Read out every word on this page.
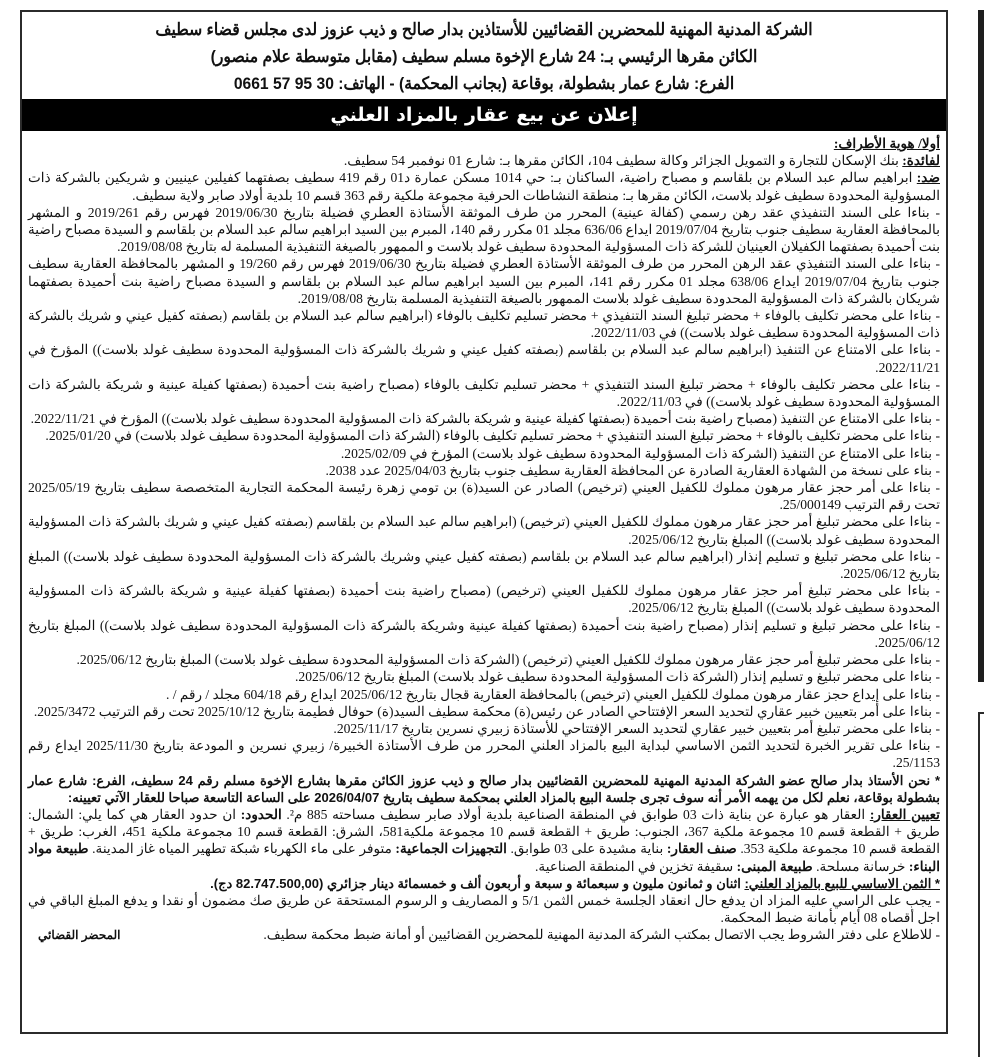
الشركة المدنية المهنية للمحضرين القضائيين للأستاذين بدار صالح و ذيب عزوز لدى مجلس قضاء سطيف
الكائن مقرها الرئيسي بـ: 24 شارع الإخوة مسلم سطيف (مقابل متوسطة علام منصور)
الفرع: شارع عمار بشطولة، بوقاعة (بجانب المحكمة) - الهاتف: 30 95 57 0661
إعلان عن بيع عقار بالمزاد العلني

أولا/ هوية الأطراف:

لفائدة: بنك الإسكان للتجارة و التمويل الجزائر وكالة سطيف 104، الكائن مقرها بـ: شارع 01 نوفمبر 54 سطيف.

ضد: ابراهيم سالم عبد السلام بن بلقاسم و مصباح راضية، الساكنان بـ: حي 1014 مسكن عمارة د01 رقم 419 سطيف بصفتهما كفيلين عينيين و شريكين بالشركة ذات المسؤولية المحدودة سطيف غولد بلاست، الكائن مقرها بـ: منطقة النشاطات الحرفية مجموعة ملكية رقم 363 قسم 10 بلدية أولاد صابر ولاية سطيف.

- بناءا على السند التنفيذي عقد رهن رسمي (كفالة عينية) المحرر من طرف الموثقة الأستاذة العطري فضيلة بتاريخ 2019/06/30 فهرس رقم 2019/261 و المشهر بالمحافظة العقارية سطيف جنوب بتاريخ 2019/07/04 ايداع 636/06 مجلد 01 مكرر رقم 140، المبرم بين السيد ابراهيم سالم عبد السلام بن بلقاسم و السيدة مصباح راضية بنت أحميدة بصفتهما الكفيلان العينيان للشركة ذات المسؤولية المحدودة سطيف غولد بلاست و الممهور بالصيغة التنفيذية المسلمة له بتاريخ 2019/08/08.

- بناءا على السند التنفيذي عقد الرهن المحرر من طرف الموثقة الأستاذة العطري فضيلة بتاريخ 2019/06/30 فهرس رقم 19/260 و المشهر بالمحافظة العقارية سطيف جنوب بتاريخ 2019/07/04 ايداع 638/06 مجلد 01 مكرر رقم 141، المبرم بين السيد ابراهيم سالم عبد السلام بن بلقاسم و السيدة مصباح راضية بنت أحميدة بصفتهما شريكان بالشركة ذات المسؤولية المحدودة سطيف غولد بلاست الممهور بالصيغة التنفيذية المسلمة بتاريخ 2019/08/08.

- بناءا على محضر تكليف بالوفاء + محضر تبليغ السند التنفيذي + محضر تسليم تكليف بالوفاء (ابراهيم سالم عبد السلام بن بلقاسم (بصفته كفيل عيني و شريك بالشركة ذات المسؤولية المحدودة سطيف غولد بلاست)) في 2022/11/03.

- بناءا على الامتناع عن التنفيذ (ابراهيم سالم عبد السلام بن بلقاسم (بصفته كفيل عيني و شريك بالشركة ذات المسؤولية المحدودة سطيف غولد بلاست)) المؤرخ في 2022/11/21.

- بناءا على محضر تكليف بالوفاء + محضر تبليغ السند التنفيذي + محضر تسليم تكليف بالوفاء (مصباح راضية بنت أحميدة (بصفتها كفيلة عينية و شريكة بالشركة ذات المسؤولية المحدودة سطيف غولد بلاست)) في 2022/11/03.

- بناءا على الامتناع عن التنفيذ (مصباح راضية بنت أحميدة (بصفتها كفيلة عينية و شريكة بالشركة ذات المسؤولية المحدودة سطيف غولد بلاست)) المؤرخ في 2022/11/21.

- بناءا على محضر تكليف بالوفاء + محضر تبليغ السند التنفيذي + محضر تسليم تكليف بالوفاء (الشركة ذات المسؤولية المحدودة سطيف غولد بلاست) في 2025/01/20.

- بناءا على الامتناع عن التنفيذ (الشركة ذات المسؤولية المحدودة سطيف غولد بلاست) المؤرخ في 2025/02/09.

- بناء على نسخة من الشهادة العقارية الصادرة عن المحافظة العقارية سطيف جنوب بتاريخ 2025/04/03 عدد 2038.

- بناءا على أمر حجز عقار مرهون مملوك للكفيل العيني (ترخيص) الصادر عن السيد(ة) بن تومي زهرة رئيسة المحكمة التجارية المتخصصة سطيف بتاريخ 2025/05/19 تحت رقم الترتيب 25/000149.

- بناءا على محضر تبليغ أمر حجز عقار مرهون مملوك للكفيل العيني (ترخيص) (ابراهيم سالم عبد السلام بن بلقاسم (بصفته كفيل عيني و شريك بالشركة ذات المسؤولية المحدودة سطيف غولد بلاست)) المبلغ بتاريخ 2025/06/12.

- بناءا على محضر تبليغ و تسليم إنذار (ابراهيم سالم عبد السلام بن بلقاسم (بصفته كفيل عيني وشريك بالشركة ذات المسؤولية المحدودة سطيف غولد بلاست)) المبلغ بتاريخ 2025/06/12.

- بناءا على محضر تبليغ أمر حجز عقار مرهون مملوك للكفيل العيني (ترخيص) (مصباح راضية بنت أحميدة (بصفتها كفيلة عينية و شريكة بالشركة ذات المسؤولية المحدودة سطيف غولد بلاست)) المبلغ بتاريخ 2025/06/12.

- بناءا على محضر تبليغ و تسليم إنذار (مصباح راضية بنت أحميدة (بصفتها كفيلة عينية وشريكة بالشركة ذات المسؤولية المحدودة سطيف غولد بلاست)) المبلغ بتاريخ 2025/06/12.

- بناءا على محضر تبليغ أمر حجز عقار مرهون مملوك للكفيل العيني (ترخيص) (الشركة ذات المسؤولية المحدودة سطيف غولد بلاست) المبلغ بتاريخ 2025/06/12.

- بناءا على محضر تبليغ و تسليم إنذار (الشركة ذات المسؤولية المحدودة سطيف غولد بلاست) المبلغ بتاريخ 2025/06/12.

- بناءا على إيداع حجز عقار مرهون مملوك للكفيل العيني (ترخيص) بالمحافظة العقارية قجال بتاريخ 2025/06/12 ايداع رقم 604/18 مجلد / رقم / .

- بناءا على أمر بتعيين خبير عقاري لتحديد السعر الإفتتاحي الصادر عن رئيس(ة) محكمة سطيف السيد(ة) حوفال فطيمة بتاريخ 2025/10/12 تحت رقم الترتيب 2025/3472.

- بناءا على محضر تبليغ أمر بتعيين خبير عقاري لتحديد السعر الإفتتاحي للأستاذة زبيري نسرين بتاريخ 2025/11/17.

- بناءا على تقرير الخبرة لتحديد الثمن الاساسي لبداية البيع بالمزاد العلني المحرر من طرف الأستاذة الخبيرة/ زبيري نسرين و المودعة بتاريخ 2025/11/30 ايداع رقم 25/1153.

* نحن الأستاذ بدار صالح عضو الشركة المدنية المهنية للمحضرين القضائيين بدار صالح و ذيب عزوز الكائن مقرها بشارع الإخوة مسلم رقم 24 سطيف، الفرع: شارع عمار بشطولة بوقاعة، نعلم لكل من يهمه الأمر أنه سوف تجرى جلسة البيع بالمزاد العلني بمحكمة سطيف بتاريخ 2026/04/07 على الساعة التاسعة صباحا للعقار الآتي تعيينه:

تعيين العقار: العقار هو عبارة عن بناية ذات 03 طوابق في المنطقة الصناعية بلدية أولاد صابر سطيف مساحته 885 م². الحدود: ان حدود العقار هي كما يلي: الشمال: طريق + القطعة قسم 10 مجموعة ملكية 367، الجنوب: طريق + القطعة قسم 10 مجموعة ملكية581، الشرق: القطعة قسم 10 مجموعة ملكية 451، الغرب: طريق + القطعة قسم 10 مجموعة ملكية 353. صنف العقار: بناية مشيدة على 03 طوابق. التجهيزات الجماعية: متوفر على ماء الكهرباء شبكة تطهير المياه غاز المدينة. طبيعة مواد البناء: خرسانة مسلحة. طبيعة المبنى: سقيفة تخزين في المنطقة الصناعية.

* الثمن الاساسي للبيع بالمزاد العلني: اثنان و ثمانون مليون و سبعمائة و سبعة و أربعون ألف و خمسمائة دينار جزائري (82.747.500,00 دج).

- يجب على الراسي عليه المزاد ان يدفع حال انعقاد الجلسة خمس الثمن 5/1 و المصاريف و الرسوم المستحقة عن طريق صك مضمون أو نقدا و يدفع المبلغ الباقي في اجل أقصاه 08 أيام بأمانة ضبط المحكمة.

- للاطلاع على دفتر الشروط يجب الاتصال بمكتب الشركة المدنية المهنية للمحضرين القضائيين أو أمانة ضبط محكمة سطيف.

المحضر القضائي
